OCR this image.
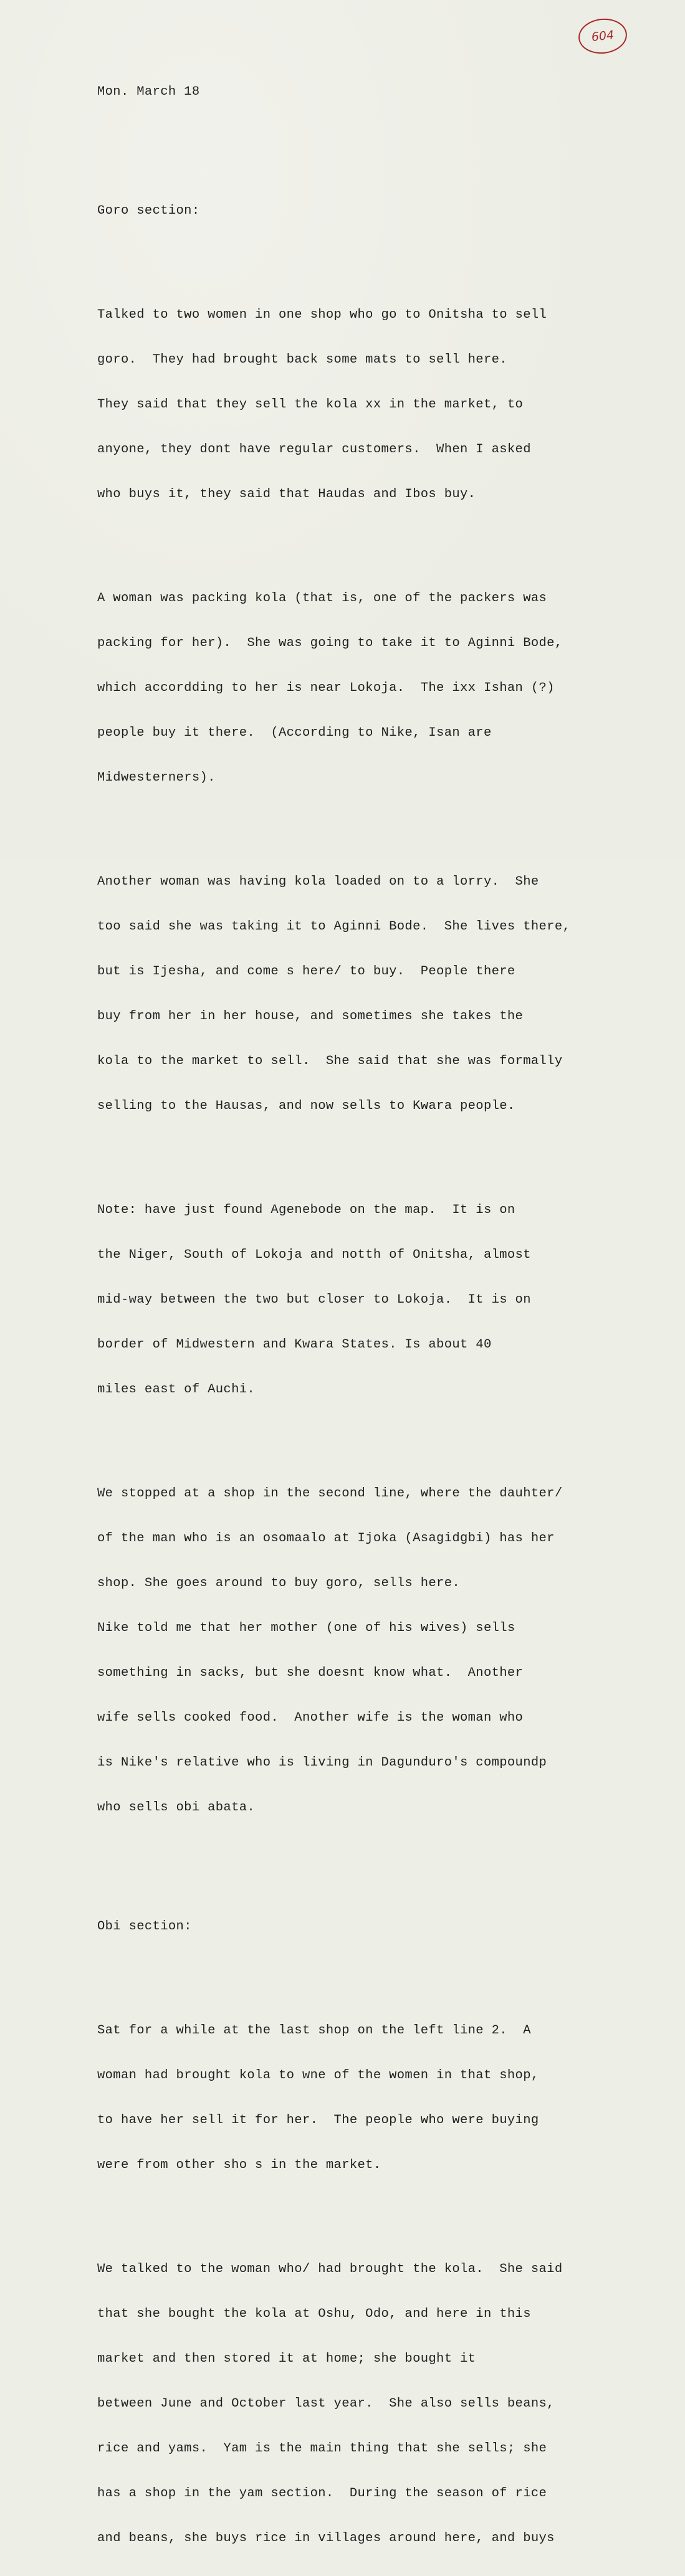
604

Mon. March 18

Goro section:

Talked to two women in one shop who go to Onitsha to sell

goro.  They had brought back some mats to sell here.

They said that they sell the kola xx in the market, to

anyone, they dont have regular customers.  When I asked

who buys it, they said that Haudas and Ibos buy.

A woman was packing kola (that is, one of the packers was

packing for her).  She was going to take it to Aginni Bode,

which accordding to her is near Lokoja.  The ixx Ishan (?)

people buy it there.  (According to Nike, Isan are

Midwesterners).

Another woman was having kola loaded on to a lorry.  She

too said she was taking it to Aginni Bode.  She lives there,

but is Ijesha, and come s here/ to buy.  People there

buy from her in her house, and sometimes she takes the

kola to the market to sell.  She said that she was formally

selling to the Hausas, and now sells to Kwara people.

Note: have just found Agenebode on the map.  It is on

the Niger, South of Lokoja and notth of Onitsha, almost

mid-way between the two but closer to Lokoja.  It is on

border of Midwestern and Kwara States. Is about 40

miles east of Auchi.

We stopped at a shop in the second line, where the dauhter/

of the man who is an osomaalo at Ijoka (Asagidgbi) has her

shop. She goes around to buy goro, sells here.

Nike told me that her mother (one of his wives) sells

something in sacks, but she doesnt know what.  Another

wife sells cooked food.  Another wife is the woman who

is Nike's relative who is living in Dagunduro's compoundp

who sells obi abata.

Obi section:

Sat for a while at the last shop on the left line 2.  A

woman had brought kola to wne of the women in that shop,

to have her sell it for her.  The people who were buying

were from other sho s in the market.

We talked to the woman who/ had brought the kola.  She said

that she bought the kola at Oshu, Odo, and here in this

market and then stored it at home; she bought it

between June and October last year.  She also sells beans,

rice and yams.  Yam is the main thing that she sells; she

has a shop in the yam section.  During the season of rice

and beans, she buys rice in villages around here, and buys
